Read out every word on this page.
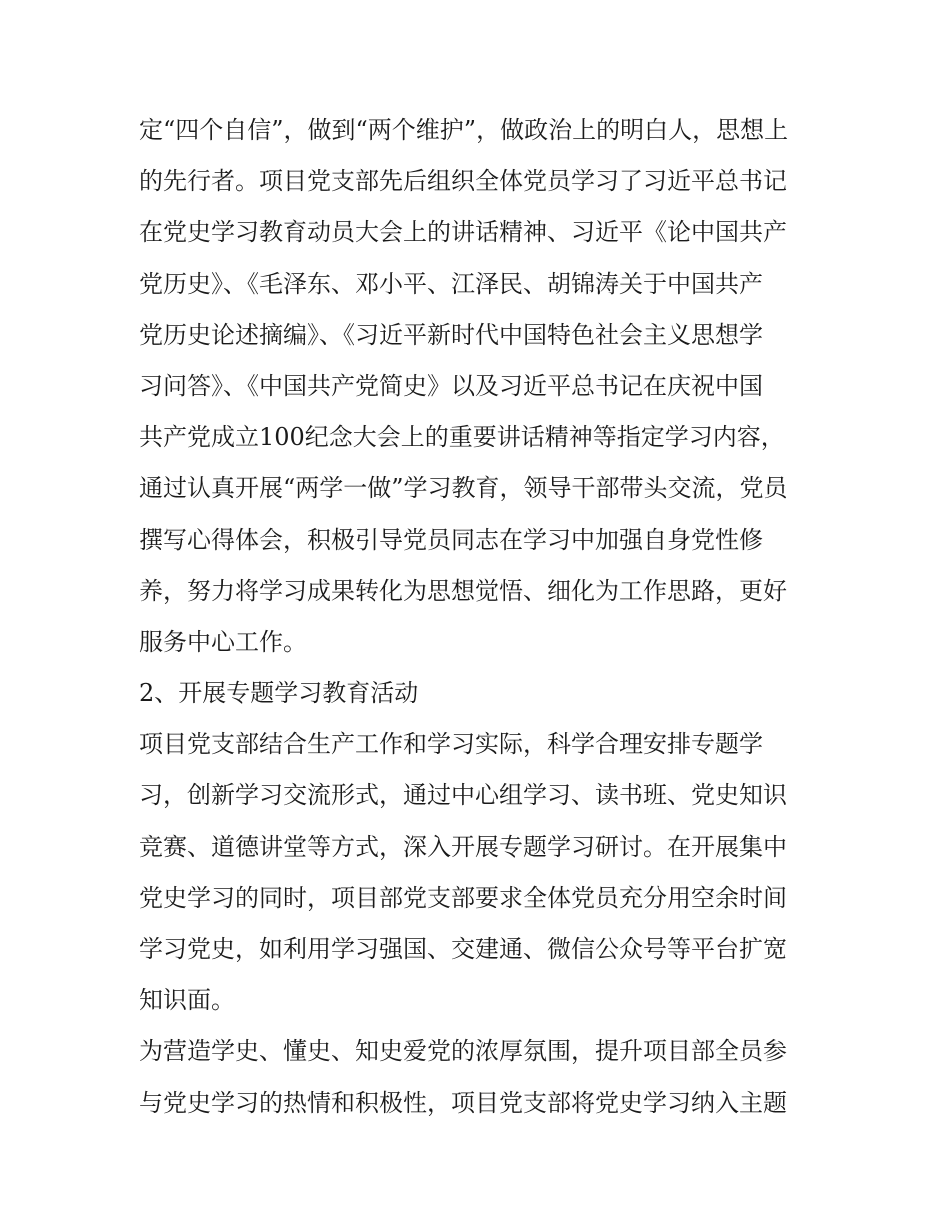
定“四个自信”，做到“两个维护”，做政治上的明白人，思想上
的先行者。项目党支部先后组织全体党员学习了习近平总书记
在党史学习教育动员大会上的讲话精神、习近平《论中国共产
党历史》、《毛泽东、邓小平、江泽民、胡锦涛关于中国共产
党历史论述摘编》、《习近平新时代中国特色社会主义思想学
习问答》、《中国共产党简史》以及习近平总书记在庆祝中国
共产党成立100纪念大会上的重要讲话精神等指定学习内容，
通过认真开展“两学一做”学习教育，领导干部带头交流，党员
撰写心得体会，积极引导党员同志在学习中加强自身党性修
养，努力将学习成果转化为思想觉悟、细化为工作思路，更好
服务中心工作。
2、开展专题学习教育活动
项目党支部结合生产工作和学习实际，科学合理安排专题学
习，创新学习交流形式，通过中心组学习、读书班、党史知识
竞赛、道德讲堂等方式，深入开展专题学习研讨。在开展集中
党史学习的同时，项目部党支部要求全体党员充分用空余时间
学习党史，如利用学习强国、交建通、微信公众号等平台扩宽
知识面。
为营造学史、懂史、知史爱党的浓厚氛围，提升项目部全员参
与党史学习的热情和积极性，项目党支部将党史学习纳入主题
